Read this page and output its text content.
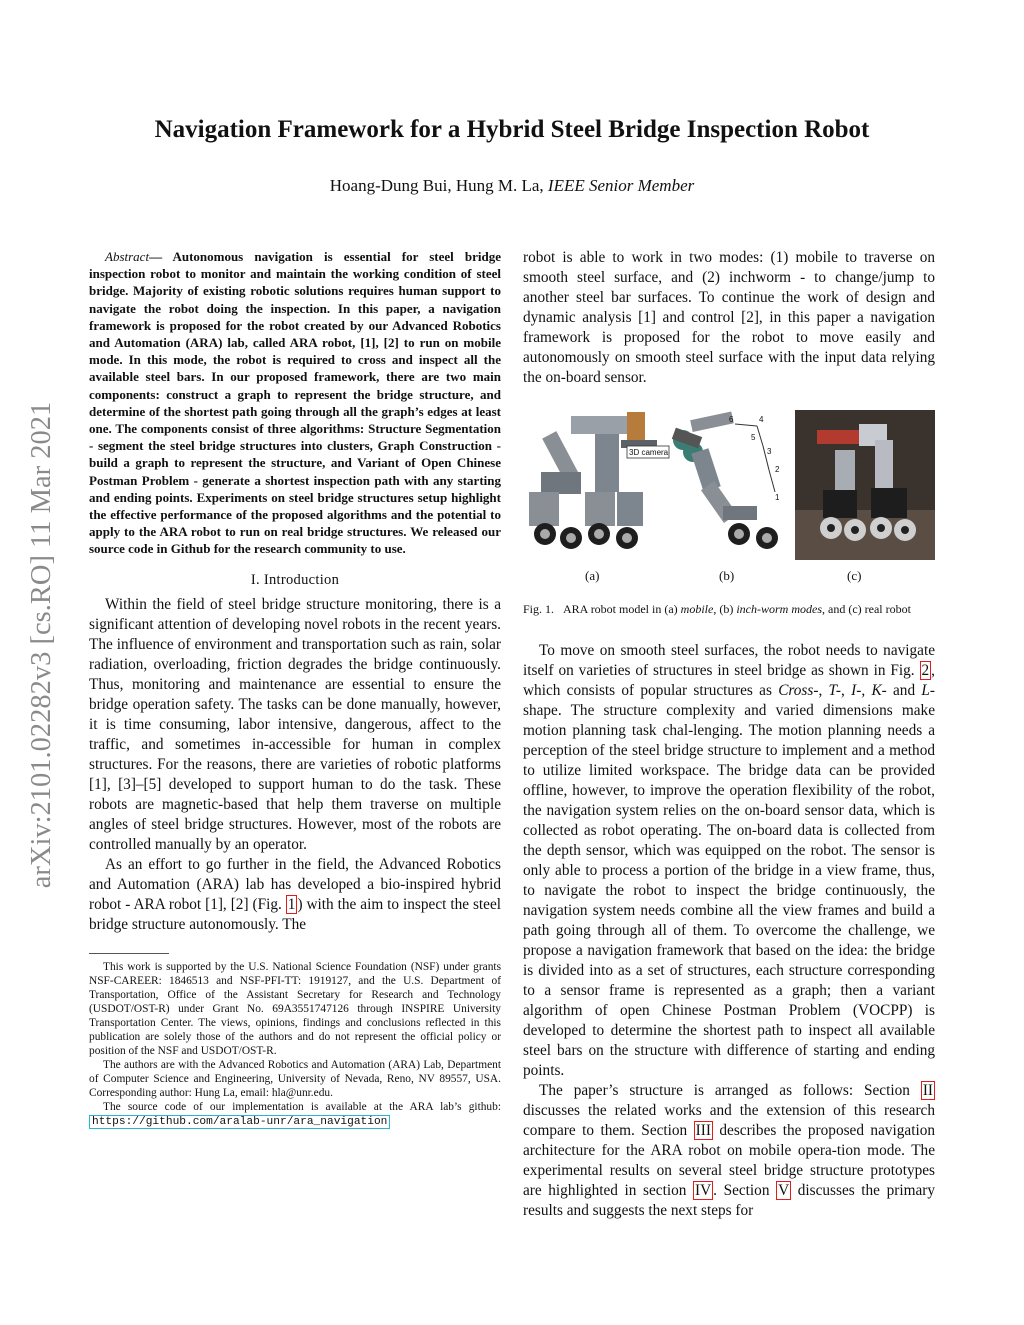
arXiv:2101.02282v3 [cs.RO] 11 Mar 2021
Navigation Framework for a Hybrid Steel Bridge Inspection Robot
Hoang-Dung Bui, Hung M. La, IEEE Senior Member

Abstract— Autonomous navigation is essential for steel bridge inspection robot to monitor and maintain the working condition of steel bridge. Majority of existing robotic solutions requires human support to navigate the robot doing the inspection. In this paper, a navigation framework is proposed for the robot created by our Advanced Robotics and Automation (ARA) lab, called ARA robot, [1], [2] to run on mobile mode. In this mode, the robot is required to cross and inspect all the available steel bars. In our proposed framework, there are two main components: construct a graph to represent the bridge structure, and determine of the shortest path going through all the graph’s edges at least one. The components consist of three algorithms: Structure Segmentation - segment the steel bridge structures into clusters, Graph Construction - build a graph to represent the structure, and Variant of Open Chinese Postman Problem - generate a shortest inspection path with any starting and ending points. Experiments on steel bridge structures setup highlight the effective performance of the proposed algorithms and the potential to apply to the ARA robot to run on real bridge structures. We released our source code in Github for the research community to use.

I. Introduction

Within the field of steel bridge structure monitoring, there is a significant attention of developing novel robots in the recent years. The influence of environment and transportation such as rain, solar radiation, overloading, friction degrades the bridge continuously. Thus, monitoring and maintenance are essential to ensure the bridge operation safety. The tasks can be done manually, however, it is time consuming, labor intensive, dangerous, affect to the traffic, and sometimes in-accessible for human in complex structures. For the reasons, there are varieties of robotic platforms [1], [3]–[5] developed to support human to do the task. These robots are magnetic-based that help them traverse on multiple angles of steel bridge structures. However, most of the robots are controlled manually by an operator.

As an effort to go further in the field, the Advanced Robotics and Automation (ARA) lab has developed a bio-inspired hybrid robot - ARA robot [1], [2] (Fig. 1 ) with the aim to inspect the steel bridge structure autonomously. The

This work is supported by the U.S. National Science Foundation (NSF) under grants NSF-CAREER: 1846513 and NSF-PFI-TT: 1919127, and the U.S. Department of Transportation, Office of the Assistant Secretary for Research and Technology (USDOT/OST-R) under Grant No. 69A3551747126 through INSPIRE University Transportation Center. The views, opinions, findings and conclusions reflected in this publication are solely those of the authors and do not represent the official policy or position of the NSF and USDOT/OST-R.

The authors are with the Advanced Robotics and Automation (ARA) Lab, Department of Computer Science and Engineering, University of Nevada, Reno, NV 89557, USA. Corresponding author: Hung La, email: hla@unr.edu.

The source code of our implementation is available at the ARA lab’s github: https://github.com/aralab-unr/ara_navigation

robot is able to work in two modes: (1) mobile to traverse on smooth steel surface, and (2) inchworm - to change/jump to another steel bar surfaces. To continue the work of design and dynamic analysis [1] and control [2], in this paper a navigation framework is proposed for the robot to move easily and autonomously on smooth steel surface with the input data relying the on-board sensor.

3D camera
6	4
5
3
2
1
(a)	(b)	(c)

Fig. 1. ARA robot model in (a) mobile, (b) inch-worm modes, and (c) real robot

To move on smooth steel surfaces, the robot needs to navigate itself on varieties of structures in steel bridge as shown in Fig. 2 , which consists of popular structures as Cross-, T-, I-, K- and L- shape. The structure complexity and varied dimensions make motion planning task chal-lenging. The motion planning needs a perception of the steel bridge structure to implement and a method to utilize limited workspace. The bridge data can be provided offline, however, to improve the operation flexibility of the robot, the navigation system relies on the on-board sensor data, which is collected as robot operating. The on-board data is collected from the depth sensor, which was equipped on the robot. The sensor is only able to process a portion of the bridge in a view frame, thus, to navigate the robot to inspect the bridge continuously, the navigation system needs combine all the view frames and build a path going through all of them. To overcome the challenge, we propose a navigation framework that based on the idea: the bridge is divided into as a set of structures, each structure corresponding to a sensor frame is represented as a graph; then a variant algorithm of open Chinese Postman Problem (VOCPP) is developed to determine the shortest path to inspect all available steel bars on the structure with difference of starting and ending points.

The paper’s structure is arranged as follows: Section II discusses the related works and the extension of this research compare to them. Section III describes the proposed navigation architecture for the ARA robot on mobile opera-tion mode. The experimental results on several steel bridge structure prototypes are highlighted in section IV . Section V discusses the primary results and suggests the next steps for
